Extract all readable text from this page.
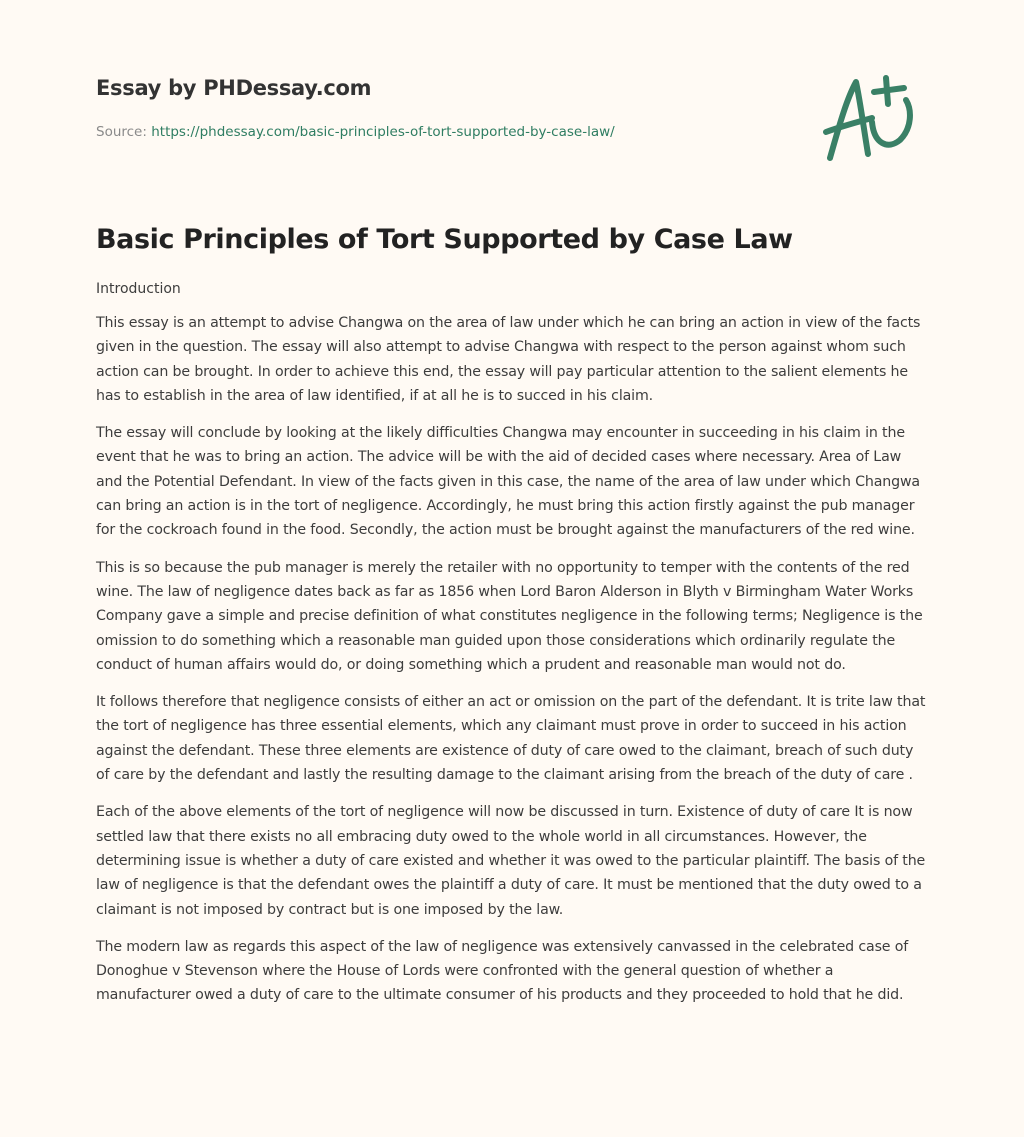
Essay by PHDessay.com
Source: https://phdessay.com/basic-principles-of-tort-supported-by-case-law/
Basic Principles of Tort Supported by Case Law
Introduction

This essay is an attempt to advise Changwa on the area of law under which he can bring an action in view of the facts given in the question. The essay will also attempt to advise Changwa with respect to the person against whom such action can be brought. In order to achieve this end, the essay will pay particular attention to the salient elements he has to establish in the area of law identified, if at all he is to succed in his claim.

The essay will conclude by looking at the likely difficulties Changwa may encounter in succeeding in his claim in the event that he was to bring an action. The advice will be with the aid of decided cases where necessary. Area of Law and the Potential Defendant. In view of the facts given in this case, the name of the area of law under which Changwa can bring an action is in the tort of negligence. Accordingly, he must bring this action firstly against the pub manager for the cockroach found in the food. Secondly, the action must be brought against the manufacturers of the red wine.

This is so because the pub manager is merely the retailer with no opportunity to temper with the contents of the red wine. The law of negligence dates back as far as 1856 when Lord Baron Alderson in Blyth v Birmingham Water Works Company gave a simple and precise definition of what constitutes negligence in the following terms; Negligence is the omission to do something which a reasonable man guided upon those considerations which ordinarily regulate the conduct of human affairs would do, or doing something which a prudent and reasonable man would not do.

It follows therefore that negligence consists of either an act or omission on the part of the defendant. It is trite law that the tort of negligence has three essential elements, which any claimant must prove in order to succeed in his action against the defendant. These three elements are existence of duty of care owed to the claimant, breach of such duty of care by the defendant and lastly the resulting damage to the claimant arising from the breach of the duty of care .

Each of the above elements of the tort of negligence will now be discussed in turn. Existence of duty of care It is now settled law that there exists no all embracing duty owed to the whole world in all circumstances. However, the determining issue is whether a duty of care existed and whether it was owed to the particular plaintiff. The basis of the law of negligence is that the defendant owes the plaintiff a duty of care. It must be mentioned that the duty owed to a claimant is not imposed by contract but is one imposed by the law.

The modern law as regards this aspect of the law of negligence was extensively canvassed in the celebrated case of Donoghue v Stevenson where the House of Lords were confronted with the general question of whether a manufacturer owed a duty of care to the ultimate consumer of his products and they proceeded to hold that he did.
